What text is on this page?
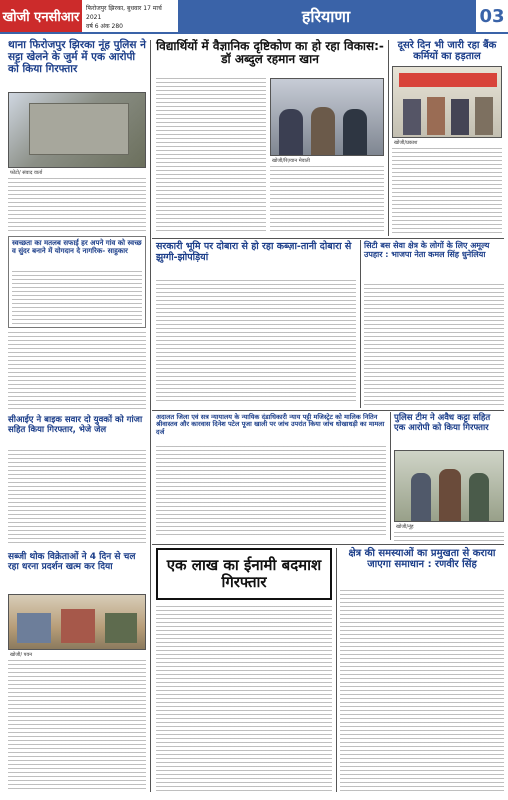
खोजी एनसीआर
फिरोजपुर झिरका, बुधवार 17 मार्च 2021
वर्ष 6 अंक 280
हरियाणा	03
थाना फिरोजपुर झिरका नूंह पुलिस ने सट्टा खेलने के जुर्म में एक आरोपी को किया गिरफ्तार
फोटो/ संवाद वार्ता
स्वच्छता का मतलब सफाई हर अपने गांव को स्वच्छ व सुंदर बनाने में योगदान दे नागरिक- साहुकार
सीआईए ने बाइक सवार दो युवकों को गांजा सहित किया गिरफ्तार, भेजे जेल
सब्जी थोक विक्रेताओं ने 4 दिन से चल रहा धरना प्रदर्शन खत्म कर दिया
खोजी/ पवन
विद्यार्थियों में वैज्ञानिक दृष्टिकोण का हो रहा विकास:- डॉ अब्दुल रहमान खान
खोजी/रिज़्वान मेवाती
दूसरे दिन भी जारी रहा बैंक कर्मियों का हड़ताल
खोजी/प्रकाश
सरकारी भूमि पर दोबारा से हो रहा कब्ज़ा-तानी दोबारा से झुग्गी-झोपड़ियां
सिटी बस सेवा क्षेत्र के लोगों के लिए अमूल्य उपहार : भाजपा नेता कमल सिंह धुनेलिया
अदालत जिला एवं सत्र न्यायालय के न्यायिक दंडाधिकारी न्याय पट्टी मजिस्ट्रेट को मालिक नितिन श्रीवास्तव और कारवास दिनेश पटेल पूजा खाली पर जांच उपरांत किया जांच धोखाधड़ी का मामला दर्ज
पुलिस टीम ने अवैध कट्टा सहित एक आरोपी को किया गिरफ्तार
खोजी/नूंह
एक लाख का ईनामी बदमाश गिरफ्तार
क्षेत्र की समस्याओं का प्रमुखता से कराया जाएगा समाधान : रणवीर सिंह
